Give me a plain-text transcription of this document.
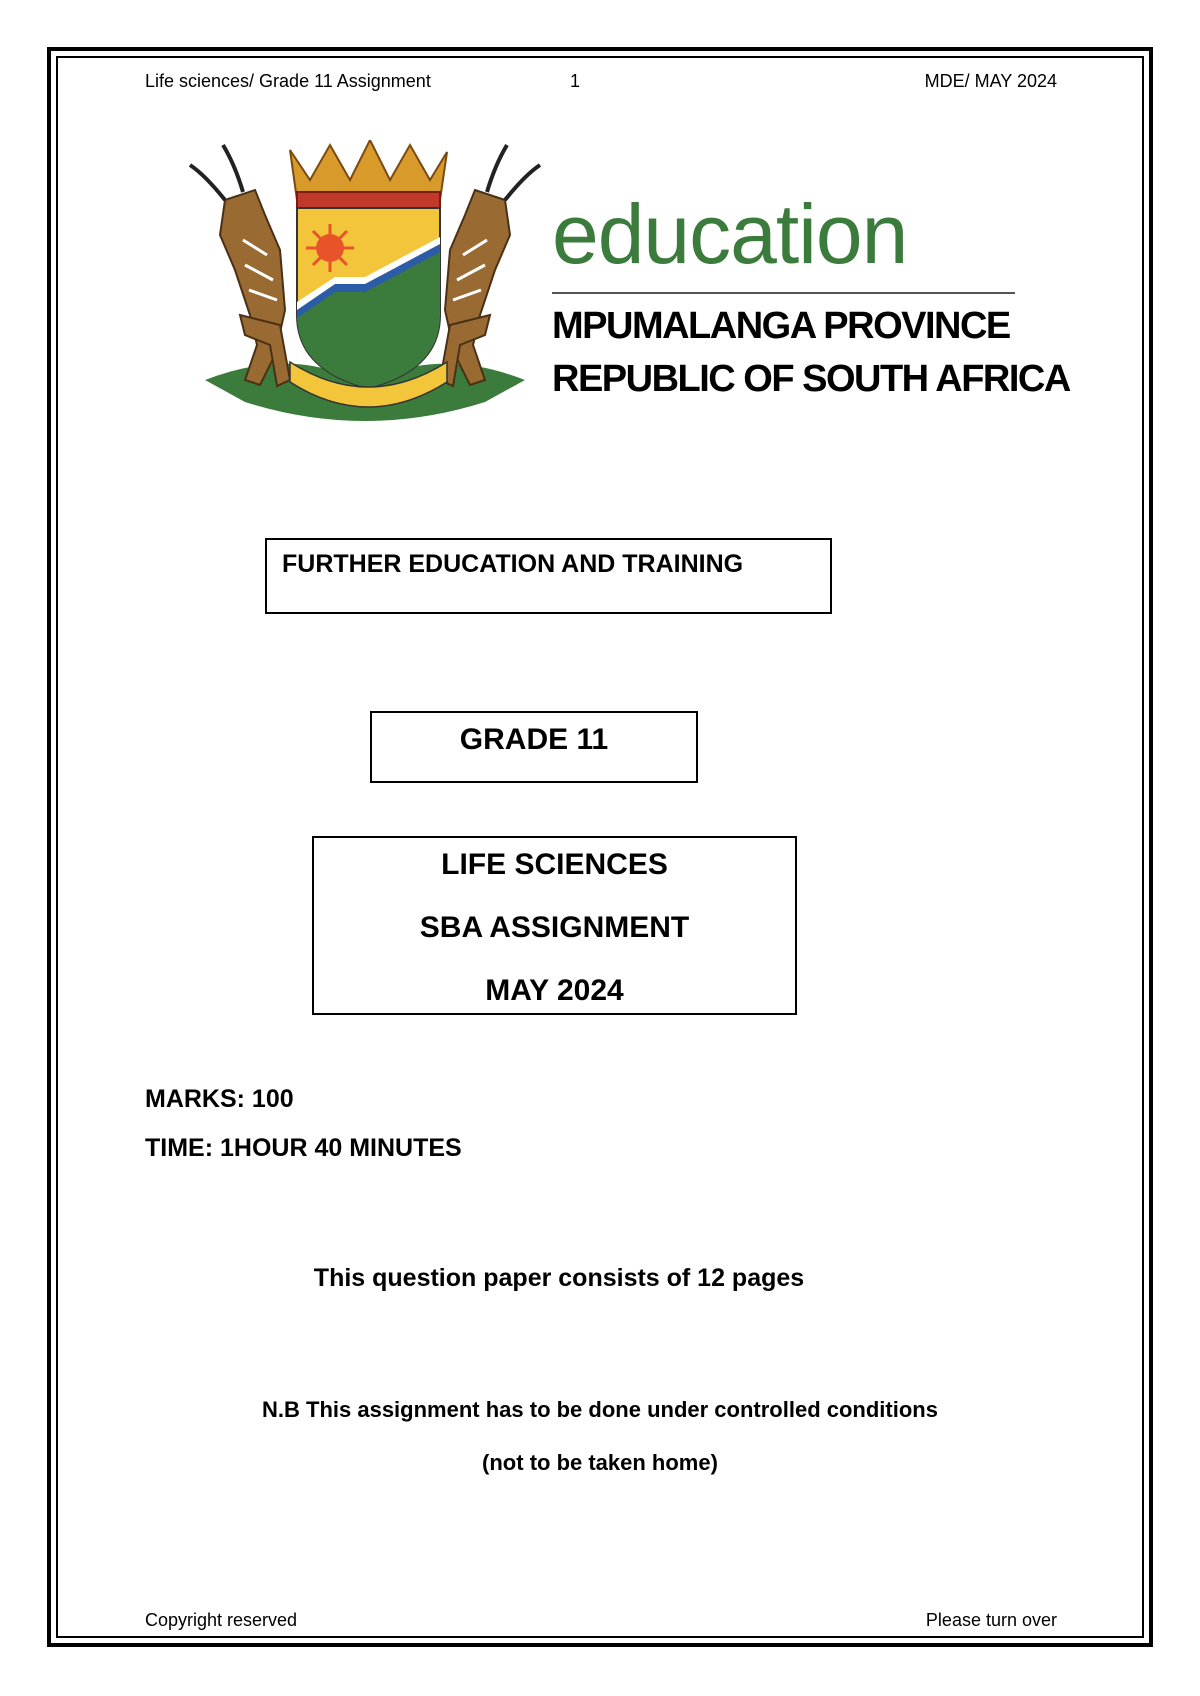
Life sciences/ Grade 11 Assignment	1	MDE/ MAY 2024
education
MPUMALANGA PROVINCE
REPUBLIC OF SOUTH AFRICA
FURTHER EDUCATION AND TRAINING
GRADE 11
LIFE SCIENCES
SBA ASSIGNMENT
MAY 2024
MARKS: 100
TIME: 1HOUR 40 MINUTES
This question paper consists of 12 pages
N.B This assignment has to be done under controlled conditions
(not to be taken home)
Copyright reserved	Please turn over
